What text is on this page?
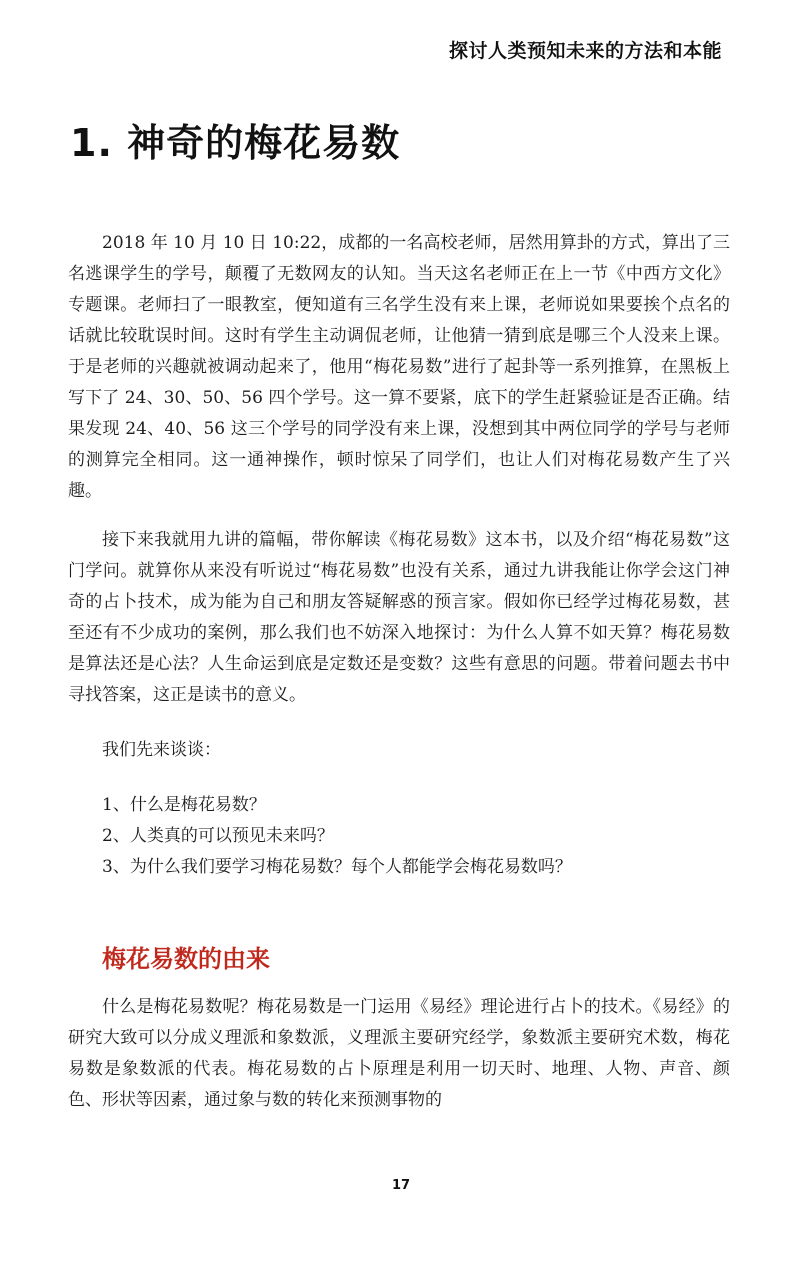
探讨人类预知未来的方法和本能
1. 神奇的梅花易数

2018 年 10 月 10 日 10:22，成都的一名高校老师，居然用算卦的方式，算出了三名逃课学生的学号，颠覆了无数网友的认知。当天这名老师正在上一节《中西方文化》专题课。老师扫了一眼教室，便知道有三名学生没有来上课，老师说如果要挨个点名的话就比较耽误时间。这时有学生主动调侃老师，让他猜一猜到底是哪三个人没来上课。于是老师的兴趣就被调动起来了，他用“梅花易数”进行了起卦等一系列推算，在黑板上写下了 24、30、50、56 四个学号。这一算不要紧，底下的学生赶紧验证是否正确。结果发现 24、40、56 这三个学号的同学没有来上课，没想到其中两位同学的学号与老师的测算完全相同。这一通神操作，顿时惊呆了同学们，也让人们对梅花易数产生了兴趣。

接下来我就用九讲的篇幅，带你解读《梅花易数》这本书，以及介绍“梅花易数”这门学问。就算你从来没有听说过“梅花易数”也没有关系，通过九讲我能让你学会这门神奇的占卜技术，成为能为自己和朋友答疑解惑的预言家。假如你已经学过梅花易数，甚至还有不少成功的案例，那么我们也不妨深入地探讨：为什么人算不如天算？梅花易数是算法还是心法？人生命运到底是定数还是变数？这些有意思的问题。带着问题去书中寻找答案，这正是读书的意义。

我们先来谈谈：

1、什么是梅花易数？
2、人类真的可以预见未来吗？
3、为什么我们要学习梅花易数？每个人都能学会梅花易数吗？
梅花易数的由来

什么是梅花易数呢？梅花易数是一门运用《易经》理论进行占卜的技术。《易经》的研究大致可以分成义理派和象数派，义理派主要研究经学，象数派主要研究术数，梅花易数是象数派的代表。梅花易数的占卜原理是利用一切天时、地理、人物、声音、颜色、形状等因素，通过象与数的转化来预测事物的

17
